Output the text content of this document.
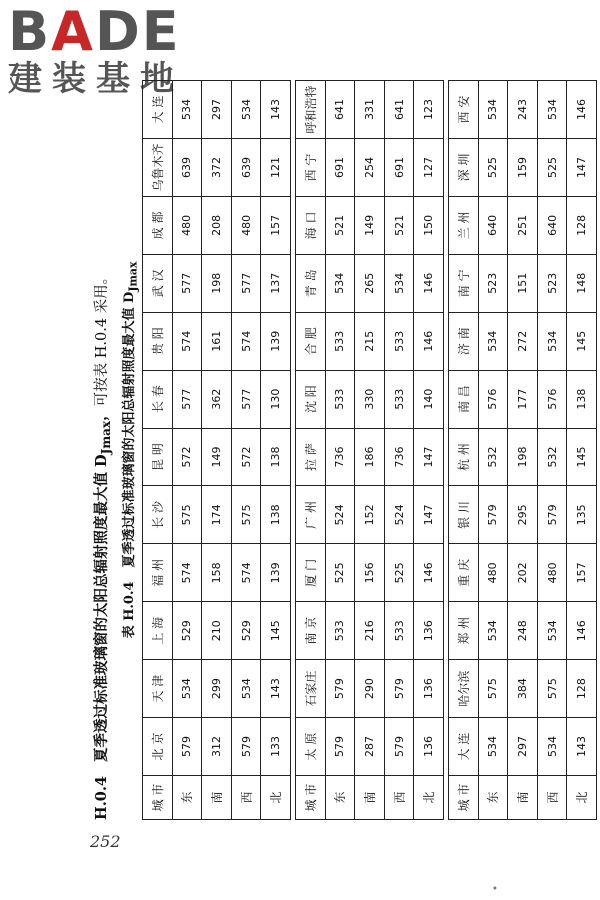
BADE
建装基地
H.0.4夏季透过标准玻璃窗的太阳总辐射照度最大值 $D_{Jmax}$，可按表 H.0.4 采用。
表 H.0.4夏季透过标准玻璃窗的太阳总辐射照度最大值 $D_{Jmax}$
城 市	北 京	天 津	上 海	福 州	长 沙	昆 明	长 春	贵 阳	武 汉	成 都	乌鲁木齐	大 连
东	579	534	529	574	575	572	577	574	577	480	639	534
南	312	299	210	158	174	149	362	161	198	208	372	297
西	579	534	529	574	575	572	577	574	577	480	639	534
北	133	143	145	139	138	138	130	139	137	157	121	143

城 市	太 原	石家庄	南 京	厦 门	广 州	拉 萨	沈 阳	合 肥	青 岛	海 口	西 宁	呼和浩特
东	579	579	533	525	524	736	533	533	534	521	691	641
南	287	290	216	156	152	186	330	215	265	149	254	331
西	579	579	533	525	524	736	533	533	534	521	691	641
北	136	136	136	146	147	147	140	146	146	150	127	123

城 市	大 连	哈尔滨	郑 州	重 庆	银 川	杭 州	南 昌	济 南	南 宁	兰 州	深 圳	西 安
东	534	575	534	480	579	532	576	534	523	640	525	534
南	297	384	248	202	295	198	177	272	151	251	159	243
西	534	575	534	480	579	532	576	534	523	640	525	534
北	143	128	146	157	135	145	138	145	148	128	147	146
252
•
